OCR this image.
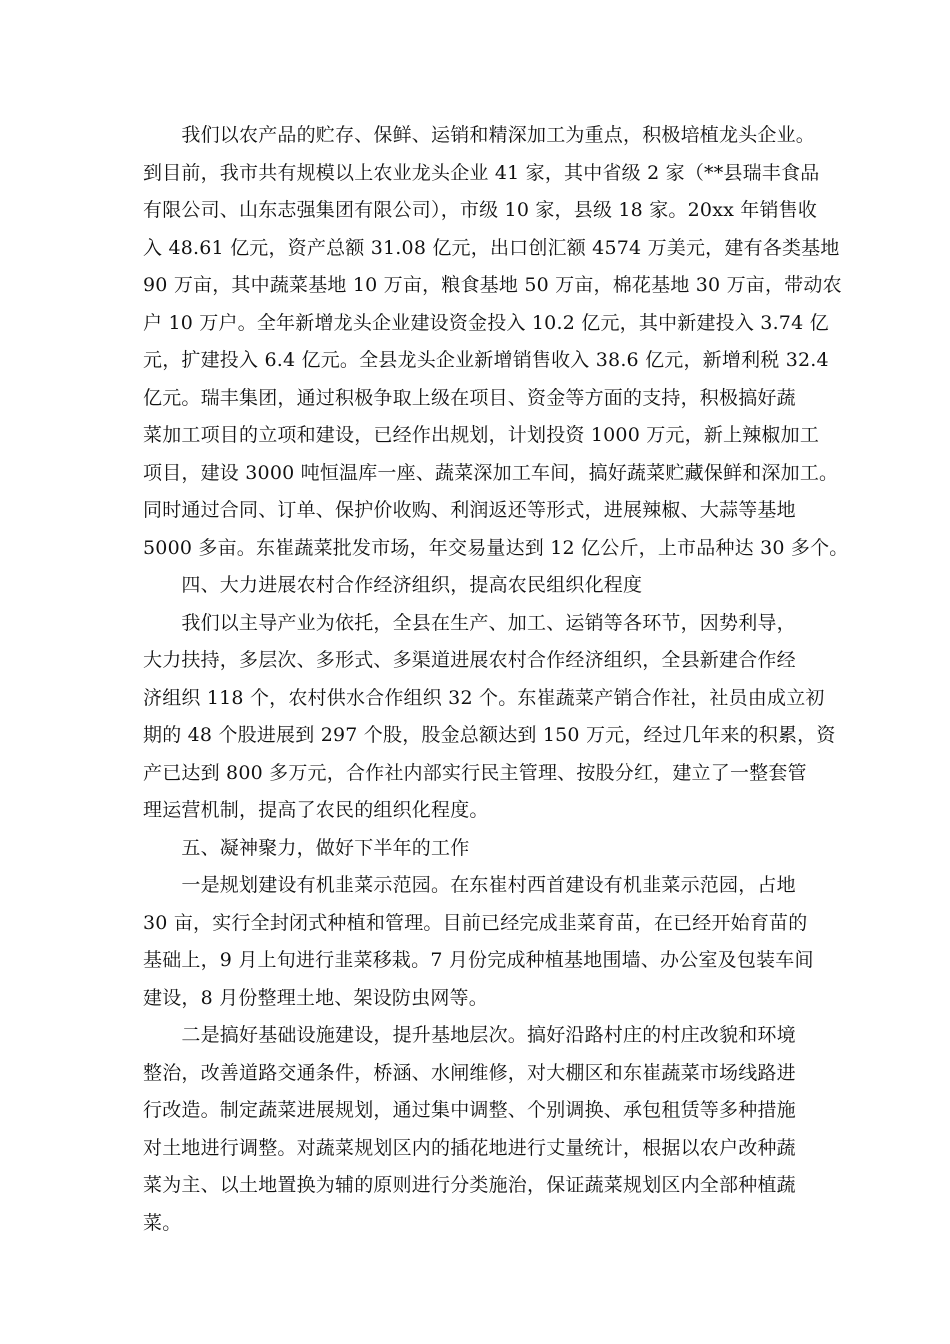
　　我们以农产品的贮存、保鲜、运销和精深加工为重点，积极培植龙头企业。
到目前，我市共有规模以上农业龙头企业 41 家，其中省级 2 家（**县瑞丰食品
有限公司、山东志强集团有限公司），市级 10 家，县级 18 家。20xx 年销售收
入 48.61 亿元，资产总额 31.08 亿元，出口创汇额 4574 万美元，建有各类基地
90 万亩，其中蔬菜基地 10 万亩，粮食基地 50 万亩，棉花基地 30 万亩，带动农
户 10 万户。全年新增龙头企业建设资金投入 10.2 亿元，其中新建投入 3.74 亿
元，扩建投入 6.4 亿元。全县龙头企业新增销售收入 38.6 亿元，新增利税 32.4
亿元。瑞丰集团，通过积极争取上级在项目、资金等方面的支持，积极搞好蔬
菜加工项目的立项和建设，已经作出规划，计划投资 1000 万元，新上辣椒加工
项目，建设 3000 吨恒温库一座、蔬菜深加工车间，搞好蔬菜贮藏保鲜和深加工。
同时通过合同、订单、保护价收购、利润返还等形式，进展辣椒、大蒜等基地
5000 多亩。东崔蔬菜批发市场，年交易量达到 12 亿公斤，上市品种达 30 多个。
　　四、大力进展农村合作经济组织，提高农民组织化程度
　　我们以主导产业为依托，全县在生产、加工、运销等各环节，因势利导，
大力扶持，多层次、多形式、多渠道进展农村合作经济组织，全县新建合作经
济组织 118 个，农村供水合作组织 32 个。东崔蔬菜产销合作社，社员由成立初
期的 48 个股进展到 297 个股，股金总额达到 150 万元，经过几年来的积累，资
产已达到 800 多万元，合作社内部实行民主管理、按股分红，建立了一整套管
理运营机制，提高了农民的组织化程度。
　　五、凝神聚力，做好下半年的工作
　　一是规划建设有机韭菜示范园。在东崔村西首建设有机韭菜示范园，占地
30 亩，实行全封闭式种植和管理。目前已经完成韭菜育苗，在已经开始育苗的
基础上，9 月上旬进行韭菜移栽。7 月份完成种植基地围墙、办公室及包装车间
建设，8 月份整理土地、架设防虫网等。
　　二是搞好基础设施建设，提升基地层次。搞好沿路村庄的村庄改貌和环境
整治，改善道路交通条件，桥涵、水闸维修，对大棚区和东崔蔬菜市场线路进
行改造。制定蔬菜进展规划，通过集中调整、个别调换、承包租赁等多种措施
对土地进行调整。对蔬菜规划区内的插花地进行丈量统计，根据以农户改种蔬
菜为主、以土地置换为辅的原则进行分类施治，保证蔬菜规划区内全部种植蔬
菜。
